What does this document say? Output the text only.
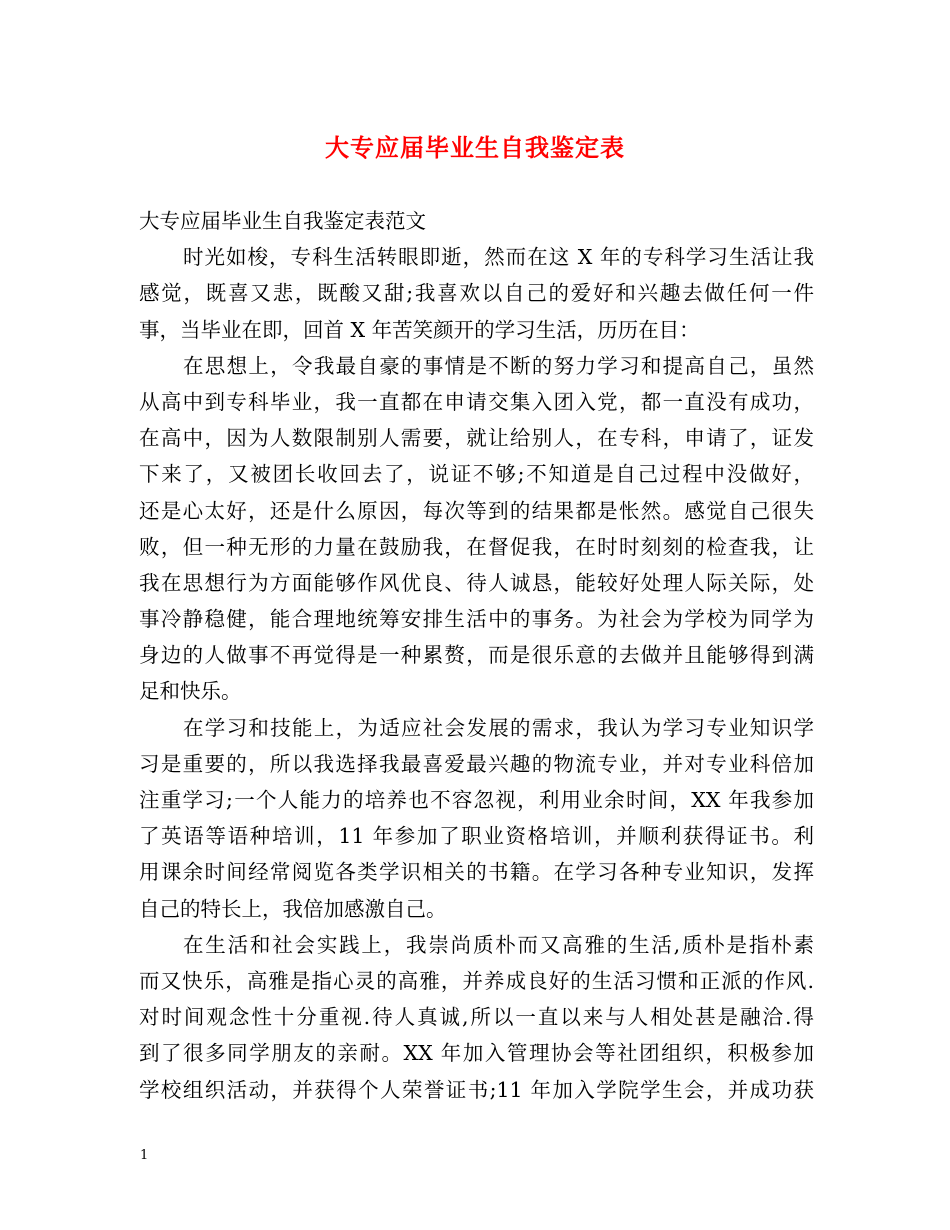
大专应届毕业生自我鉴定表
大专应届毕业生自我鉴定表范文
时光如梭，专科生活转眼即逝，然而在这 X 年的专科学习生活让我
感觉，既喜又悲，既酸又甜;我喜欢以自己的爱好和兴趣去做任何一件
事，当毕业在即，回首 X 年苦笑颜开的学习生活，历历在目：
在思想上，令我最自豪的事情是不断的努力学习和提高自己，虽然
从高中到专科毕业，我一直都在申请交集入团入党，都一直没有成功，
在高中，因为人数限制别人需要，就让给别人，在专科，申请了，证发
下来了，又被团长收回去了，说证不够;不知道是自己过程中没做好，
还是心太好，还是什么原因，每次等到的结果都是怅然。感觉自己很失
败，但一种无形的力量在鼓励我，在督促我，在时时刻刻的检查我，让
我在思想行为方面能够作风优良、待人诚恳，能较好处理人际关际，处
事冷静稳健，能合理地统筹安排生活中的事务。为社会为学校为同学为
身边的人做事不再觉得是一种累赘，而是很乐意的去做并且能够得到满
足和快乐。
在学习和技能上，为适应社会发展的需求，我认为学习专业知识学
习是重要的，所以我选择我最喜爱最兴趣的物流专业，并对专业科倍加
注重学习;一个人能力的培养也不容忽视，利用业余时间，XX 年我参加
了英语等语种培训，11 年参加了职业资格培训，并顺利获得证书。利
用课余时间经常阅览各类学识相关的书籍。在学习各种专业知识，发挥
自己的特长上，我倍加感激自己。
在生活和社会实践上，我崇尚质朴而又高雅的生活,质朴是指朴素
而又快乐，高雅是指心灵的高雅，并养成良好的生活习惯和正派的作风.
对时间观念性十分重视.待人真诚,所以一直以来与人相处甚是融洽.得
到了很多同学朋友的亲耐。XX 年加入管理协会等社团组织，积极参加
学校组织活动，并获得个人荣誉证书;11 年加入学院学生会，并成功获
1
